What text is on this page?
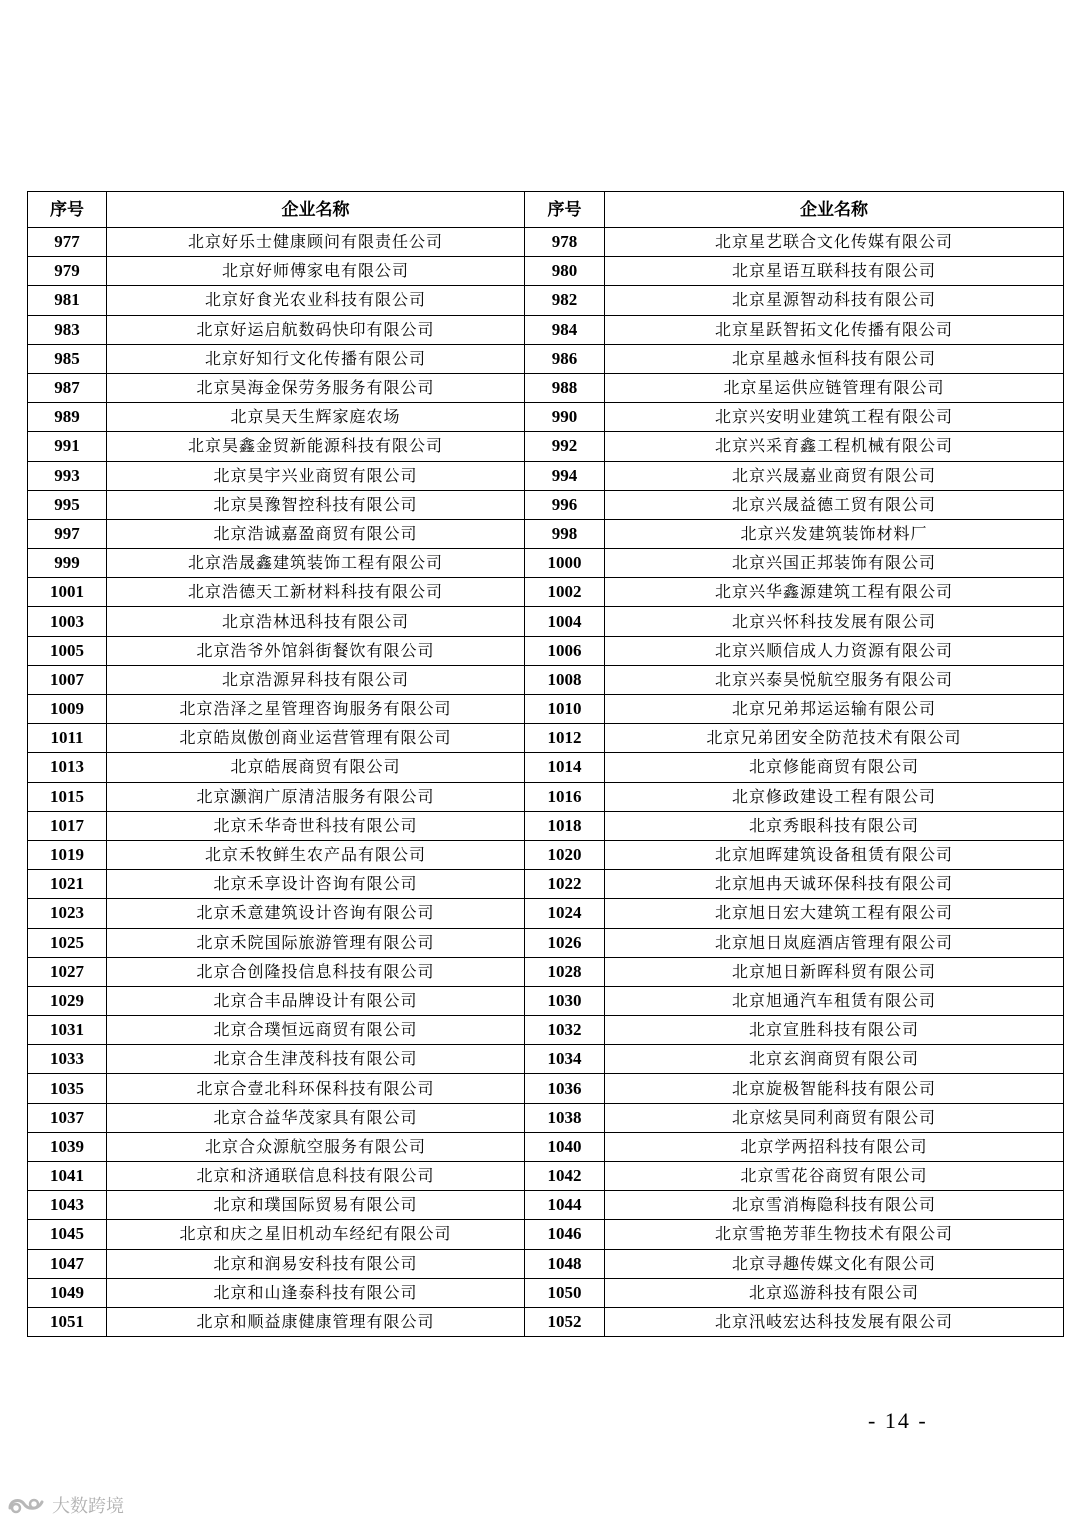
序号	企业名称	序号	企业名称
977	北京好乐士健康顾问有限责任公司	978	北京星艺联合文化传媒有限公司
979	北京好师傅家电有限公司	980	北京星语互联科技有限公司
981	北京好食光农业科技有限公司	982	北京星源智动科技有限公司
983	北京好运启航数码快印有限公司	984	北京星跃智拓文化传播有限公司
985	北京好知行文化传播有限公司	986	北京星越永恒科技有限公司
987	北京昊海金保劳务服务有限公司	988	北京星运供应链管理有限公司
989	北京昊天生辉家庭农场	990	北京兴安明业建筑工程有限公司
991	北京昊鑫金贸新能源科技有限公司	992	北京兴采育鑫工程机械有限公司
993	北京昊宇兴业商贸有限公司	994	北京兴晟嘉业商贸有限公司
995	北京昊豫智控科技有限公司	996	北京兴晟益德工贸有限公司
997	北京浩诚嘉盈商贸有限公司	998	北京兴发建筑装饰材料厂
999	北京浩晟鑫建筑装饰工程有限公司	1000	北京兴国正邦装饰有限公司
1001	北京浩德天工新材料科技有限公司	1002	北京兴华鑫源建筑工程有限公司
1003	北京浩林迅科技有限公司	1004	北京兴怀科技发展有限公司
1005	北京浩爷外馆斜街餐饮有限公司	1006	北京兴顺信成人力资源有限公司
1007	北京浩源昇科技有限公司	1008	北京兴泰昊悦航空服务有限公司
1009	北京浩泽之星管理咨询服务有限公司	1010	北京兄弟邦运运输有限公司
1011	北京皓岚傲创商业运营管理有限公司	1012	北京兄弟团安全防范技术有限公司
1013	北京皓展商贸有限公司	1014	北京修能商贸有限公司
1015	北京灏润广原清洁服务有限公司	1016	北京修政建设工程有限公司
1017	北京禾华奇世科技有限公司	1018	北京秀眼科技有限公司
1019	北京禾牧鲜生农产品有限公司	1020	北京旭晖建筑设备租赁有限公司
1021	北京禾享设计咨询有限公司	1022	北京旭冉天诚环保科技有限公司
1023	北京禾意建筑设计咨询有限公司	1024	北京旭日宏大建筑工程有限公司
1025	北京禾院国际旅游管理有限公司	1026	北京旭日岚庭酒店管理有限公司
1027	北京合创隆投信息科技有限公司	1028	北京旭日新晖科贸有限公司
1029	北京合丰品牌设计有限公司	1030	北京旭通汽车租赁有限公司
1031	北京合璞恒远商贸有限公司	1032	北京宣胜科技有限公司
1033	北京合生津茂科技有限公司	1034	北京玄润商贸有限公司
1035	北京合壹北科环保科技有限公司	1036	北京旋极智能科技有限公司
1037	北京合益华茂家具有限公司	1038	北京炫昊同利商贸有限公司
1039	北京合众源航空服务有限公司	1040	北京学两招科技有限公司
1041	北京和济通联信息科技有限公司	1042	北京雪花谷商贸有限公司
1043	北京和璞国际贸易有限公司	1044	北京雪消梅隐科技有限公司
1045	北京和庆之星旧机动车经纪有限公司	1046	北京雪艳芳菲生物技术有限公司
1047	北京和润易安科技有限公司	1048	北京寻趣传媒文化有限公司
1049	北京和山逢泰科技有限公司	1050	北京巡游科技有限公司
1051	北京和顺益康健康管理有限公司	1052	北京汛岐宏达科技发展有限公司
- 14 -
大数跨境
